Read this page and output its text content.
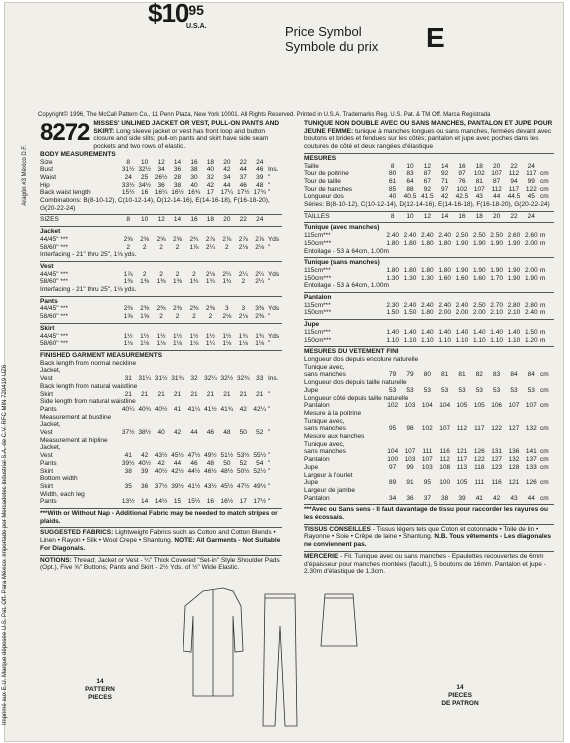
$1095
U.S.A.	Price Symbol
Symbole du prix E
Copyright© 1996, The McCall Pattern Co., 11 Penn Plaza, New York 10001. All Rights Reserved. Printed in U.S.A. Trademarks Reg. U.S. Pat. & TM Off. Marca Registrada
Imprimé aux E.U. Marque déposée U.S. Pat. Off. Para México: Importado por Mercadotec Industrial S.A. de C.V. RFC MIN 720419 UZ6
Aragón #3 México D.F.
8272 MISSES' UNLINED JACKET OR VEST, PULL-ON PANTS AND SKIRT: Long sleeve jacket or vest has front loop and button closure and side slits; pull-on pants and skirt have side seam pockets and two rows of elastic.
BODY MEASUREMENTS
Size	8	10	12	14	16	18	20	22	24
Bust	31½ 32½ 34	36	38	40	42	44	46 Ins.
Waist	24	25	26½ 28	30	32	34	37	39 "
Hip	33½ 34½ 36	38	40	42	44	46	48 "
Back waist length	15½ 16	16¼ 16½ 16¾ 17	17¼ 17½ 17¾ "
Combinations: B(8-10-12), C(10-12-14), D(12-14-16), E(14-16-18), F(16-18-20), G(20-22-24)
SIZES	8	10	12	14	16	18	20	22	24
Jacket
44/45" ***	2⅝	2⅝	2⅝	2⅝	2¾	2⅞	2⅞	2⅞	2⅞ Yds
58/60" ***	2	2	2	2	1⅞	2¼	2	2⅛	2⅛ "
Interfacing - 21" thru 25", 1⅛ yds.
Vest
44/45" ***	1⅞	2	2	2	2	2⅛	2¼	2¼	2¼ Yds
58/60" ***	1⅜	1⅜	1⅜	1⅜	1¾	1¾	1¾	2	2¼ "
Interfacing - 21" thru 25", 1⅛ yds.
Pants
44/45" ***	2⅜	2⅜	2⅜	2⅜	2⅜	2⅜	3	3	3⅜ Yds
58/60" ***	1⅝	1⅝	2	2	2	2	2⅛	2⅛	2⅜ "
Skirt
44/45" ***	1½	1½	1½	1½	1½	1½	1½	1¾	1¾ Yds
58/60" ***	1⅛	1⅛	1⅛	1⅛	1⅛	1¼	1⅛	1⅛	1⅛ "
FINISHED GARMENT MEASUREMENTS
Back length from normal neckline
Jacket,
Vest	31	31¼ 31½ 31¾ 32	32¼ 32½ 32¾ 33 Ins.
Back length from natural waistline
Skirt	21	21	21	21	21	21	21	21	21 "
Side length from natural waistline
Pants	40¼ 40¾ 40½ 41	41¼ 41½ 41¾ 42	42¼ "
Measurement at bustline
Jacket,
Vest	37½ 38½ 40	42	44	46	48	50	52 "
Measurement at hipline
Jacket,
Vest	41	42	43½ 45½ 47½ 49½ 51½ 53½ 55½ "
Pants	39½ 40½ 42	44	46	48	50	52	54 "
Skirt	38	39	40½ 42½ 44½ 46½ 48½ 50½ 52½ "
Bottom width
Skirt	35	36	37½ 39½ 41½ 43½ 45½ 47½ 49½ "
Width, each leg
Pants	13½ 14	14½ 15	15½ 16	16½ 17	17½ "
***With or Without Nap - Additional Fabric may be needed to match stripes or plaids.
SUGGESTED FABRICS: Lightweight Fabrics such as Cotton and Cotton Blends • Linen • Rayon • Silk • Wool Crepe • Shantung. NOTE: All Garments - Not Suitable For Diagonals.
NOTIONS: Thread; Jacket or Vest - ¼" Thick Covered "Set-in" Style Shoulder Pads (Opt.), Five ⅝" Buttons; Pants and Skirt - 2½ Yds. of ½" Wide Elastic.
TUNIQUE NON DOUBLE AVEC OU SANS MANCHES, PANTALON ET JUPE POUR JEUNE FEMME: tunique à manches longues ou sans manches, fermées devant avec boutons et brides et fendues sur les côtés; pantalon et jupe avec poches dans les coutures de côté et deux rangées d'élastique
MESURES
Taille	8	10	12	14	16	18	20	22	24
Tour de poitrine	80	83	87	92	97	102 107	112	117 cm
Tour de taille	61	64	67	71	76	81	87	94	99 cm
Tour de hanches	85	88	92	97	102 107	112	117	122 cm
Longueur dos	40	40.5 41.5	42	42.5	43	44	44.5	45 cm
Séries: B(8-10-12), C(10-12-14), D(12-14-16), E(14-16-18), F(16-18-20), G(20-22-24)
TAILLES	8	10	12	14	16	18	20	22	24
Tunique (avec manches)
115cm***	2.40 2.40 2.40 2.40 2.50 2.50 2.50 2.60 2.60 m
150cm***	1.80 1.80 1.80 1.80 1.90 1.90 1.90 1.90 2.00 m
Entoilage - 53 à 64cm, 1.00m
Tunique (sans manches)
115cm***	1.80 1.80 1.80 1.80 1.90 1.90 1.90 1.90 2.00 m
150cm***	1.30 1.30 1.30 1.60 1.60 1.60 1.70 1.90 1.90 m
Entoilage - 53 à 64cm, 1.00m
Pantalon
115cm***	2.30 2.40 2.40 2.40 2.40 2.50 2.70 2.80 2.80 m
150cm***	1.50 1.50 1.80 2.00 2.00 2.00 2.10 2.10 2.40 m
Jupe
115cm***	1.40 1.40 1.40 1.40 1.40 1.40 1.40 1.40 1.50 m
150cm***	1.10 1.10 1.10 1.10 1.10 1.10 1.10 1.10 1.20 m
MESURES DU VETEMENT FINI
Longueur dos depuis encolure naturelle
Tunique avec,
sans manches	79	79	80	81	81	82	83	84	84 cm
Longueur dos depuis taille naturelle
Jupe	53	53	53	53	53	53	53	53	53 cm
Longueur côté depuis taille naturelle
Pantalon	102 103 104 104 105 105 106 107 107 cm
Mesure à la poitrine
Tunique avec,
sans manches	95	98	102 107	112	117	122 127 132 cm
Mesure aux hanches
Tunique avec,
sans manches	104 107	111	116	121 126 131 136 141 cm
Pantalon	100 103 107	112	117	122 127 132 137 cm
Jupe	97	99	103 108	113	118	123 128 133 cm
Largeur à l'ourlet
Jupe	89	91	95	100 105	111	116	121 126 cm
Largeur de jambe
Pantalon	34	36	37	38	39	41	42	43	44 cm
***Avec ou Sans sens - Il faut davantage de tissu pour raccorder les rayures ou les écossais.
TISSUS CONSEILLES - Tissus légers tels que Coton et cotonnade • Toile de lin • Rayonne • Soie • Crêpe de laine • Shantung. N.B. Tous vêtements - Les diagonales ne conviennent pas.
MERCERIE - Fil. Tunique avec ou sans manches - Epaulettes recouvertes de 6mm d'épaisseur pour manches montées (facult.), 5 boutons de 16mm. Pantalon et jupe - 2.30m d'élastique de 1.3cm.
14
PATTERN
PIECES
14
PIECES
DE PATRON
